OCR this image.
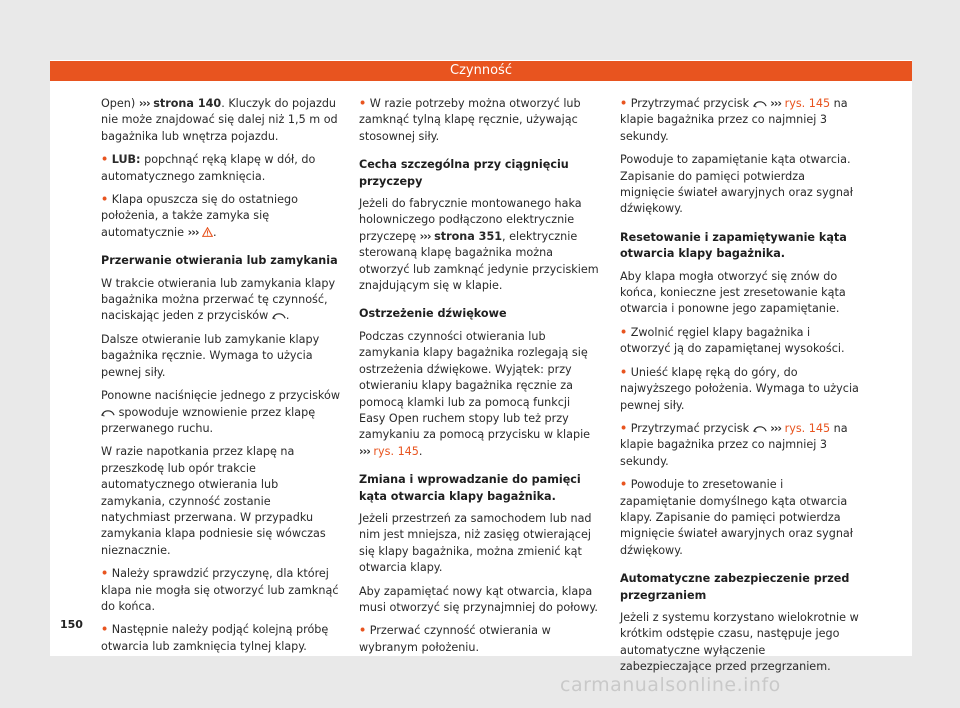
Czynność

Open) ››› strona 140. Kluczyk do pojazdu nie może znajdować się dalej niż 1,5 m od bagażnika lub wnętrza pojazdu.

• LUB: popchnąć ręką klapę w dół, do automatycznego zamknięcia.

• Klapa opuszcza się do ostatniego położenia, a także zamyka się automatycznie ››› .

Przerwanie otwierania lub zamykania

W trakcie otwierania lub zamykania klapy bagażnika można przerwać tę czynność, naciskając jeden z przycisków .

Dalsze otwieranie lub zamykanie klapy bagażnika ręcznie. Wymaga to użycia pewnej siły.

Ponowne naciśnięcie jednego z przycisków  spowoduje wznowienie przez klapę przerwanego ruchu.

W razie napotkania przez klapę na przeszkodę lub opór trakcie automatycznego otwierania lub zamykania, czynność zostanie natychmiast przerwana. W przypadku zamykania klapa podniesie się wówczas nieznacznie.

• Należy sprawdzić przyczynę, dla której klapa nie mogła się otworzyć lub zamknąć do końca.

• Następnie należy podjąć kolejną próbę otwarcia lub zamknięcia tylnej klapy.

• W razie potrzeby można otworzyć lub zamknąć tylną klapę ręcznie, używając stosownej siły.

Cecha szczególna przy ciągnięciu przyczepy

Jeżeli do fabrycznie montowanego haka holowniczego podłączono elektrycznie przyczepę ››› strona 351, elektrycznie sterowaną klapę bagażnika można otworzyć lub zamknąć jedynie przyciskiem znajdującym się w klapie.

Ostrzeżenie dźwiękowe

Podczas czynności otwierania lub zamykania klapy bagażnika rozlegają się ostrzeżenia dźwiękowe. Wyjątek: przy otwieraniu klapy bagażnika ręcznie za pomocą klamki lub za pomocą funkcji Easy Open ruchem stopy lub też przy zamykaniu za pomocą przycisku w klapie ››› rys. 145.

Zmiana i wprowadzanie do pamięci kąta otwarcia klapy bagażnika.

Jeżeli przestrzeń za samochodem lub nad nim jest mniejsza, niż zasięg otwierającej się klapy bagażnika, można zmienić kąt otwarcia klapy.

Aby zapamiętać nowy kąt otwarcia, klapa musi otworzyć się przynajmniej do połowy.

• Przerwać czynność otwierania w wybranym położeniu.

• Przytrzymać przycisk ››› rys. 145 na klapie bagażnika przez co najmniej 3 sekundy.

Powoduje to zapamiętanie kąta otwarcia. Zapisanie do pamięci potwierdza mignięcie świateł awaryjnych oraz sygnał dźwiękowy.

Resetowanie i zapamiętywanie kąta otwarcia klapy bagażnika.

Aby klapa mogła otworzyć się znów do końca, konieczne jest zresetowanie kąta otwarcia i ponowne jego zapamiętanie.

• Zwolnić ręgiel klapy bagażnika i otworzyć ją do zapamiętanej wysokości.

• Unieść klapę ręką do góry, do najwyższego położenia. Wymaga to użycia pewnej siły.

• Przytrzymać przycisk ››› rys. 145 na klapie bagażnika przez co najmniej 3 sekundy.

• Powoduje to zresetowanie i zapamiętanie domyślnego kąta otwarcia klapy. Zapisanie do pamięci potwierdza mignięcie świateł awaryjnych oraz sygnał dźwiękowy.

Automatyczne zabezpieczenie przed przegrzaniem

Jeżeli z systemu korzystano wielokrotnie w krótkim odstępie czasu, następuje jego automatyczne wyłączenie zabezpieczające przed przegrzaniem.

150
carmanualsonline.info
